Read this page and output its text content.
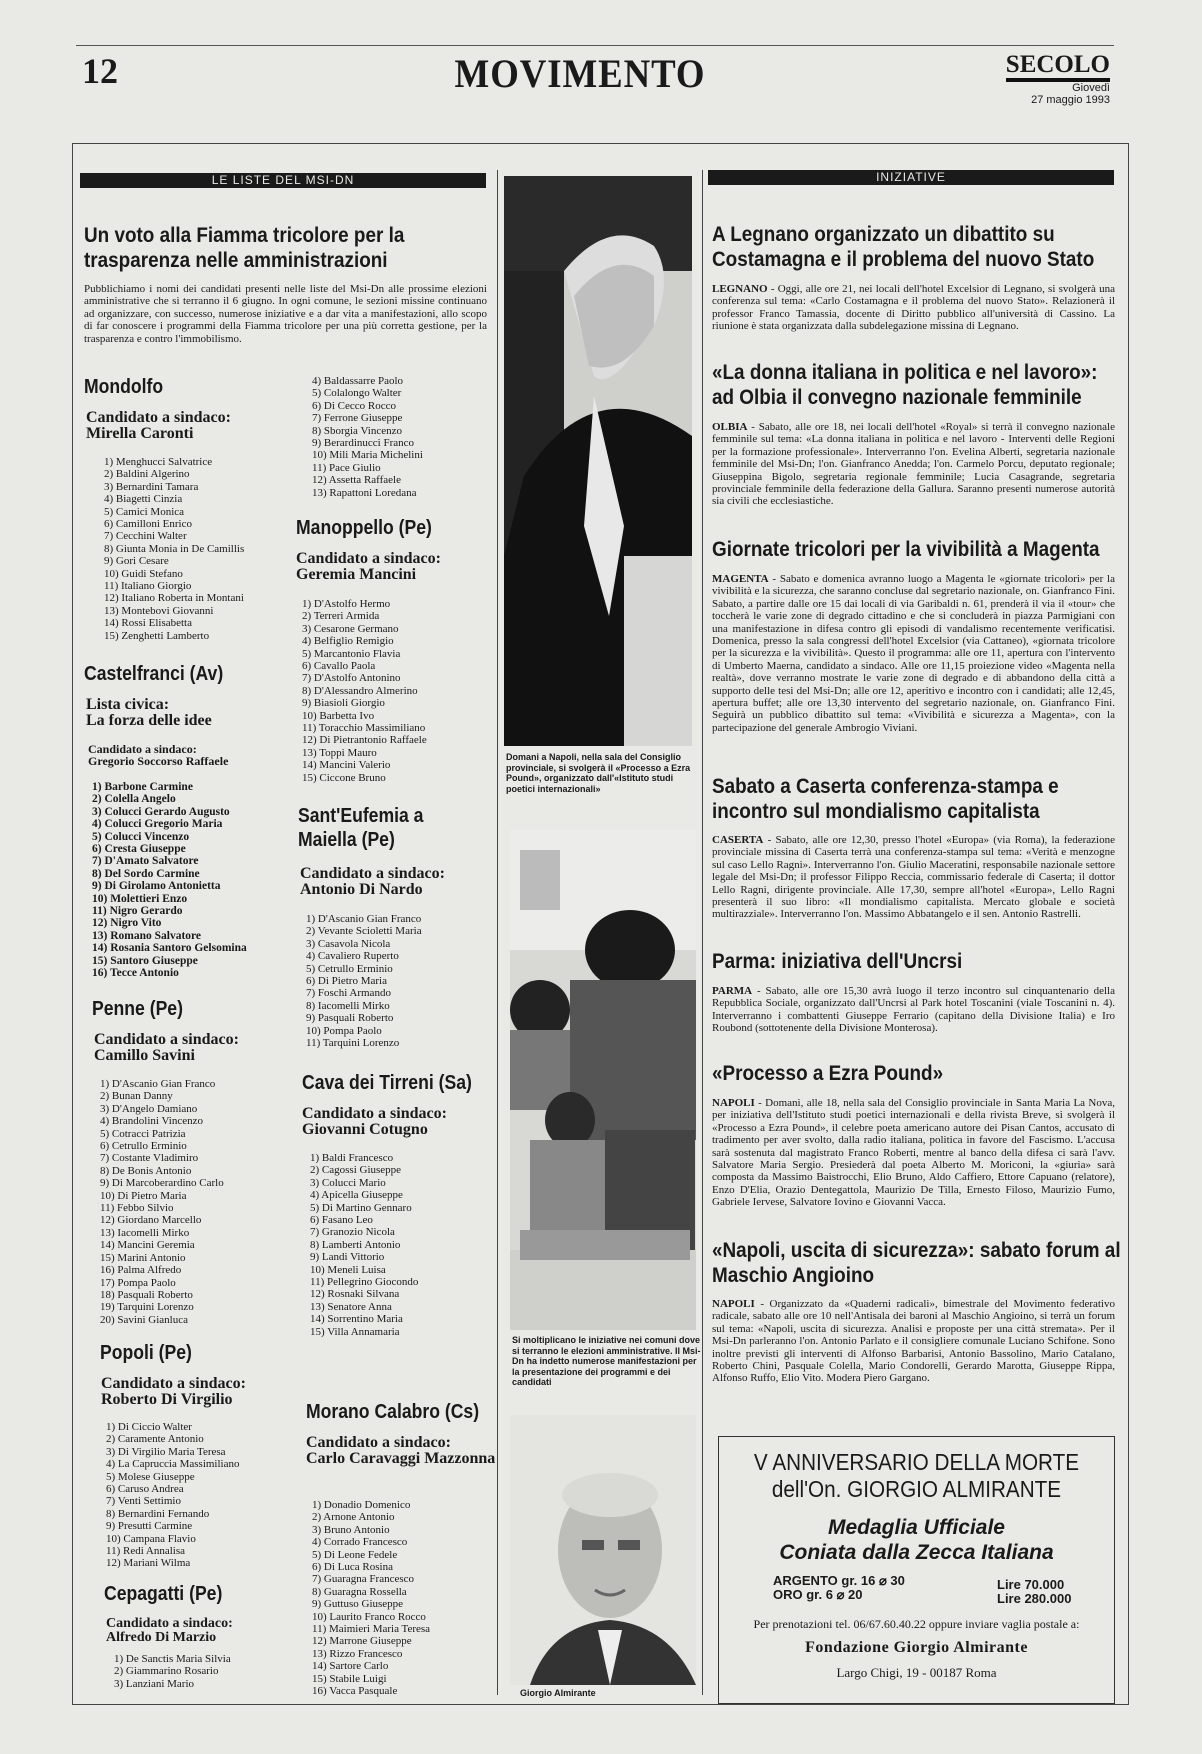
12	MOVIMENTO	SECOLO
Giovedì
27 maggio 1993
LE LISTE DEL MSI-DN
Un voto alla Fiamma tricolore per la trasparenza nelle amministrazioni

Pubblichiamo i nomi dei candidati presenti nelle liste del Msi-Dn alle prossime elezioni amministrative che si terranno il 6 giugno. In ogni comune, le sezioni missine continuano ad organizzare, con successo, numerose iniziative e a dar vita a manifestazioni, allo scopo di far conoscere i programmi della Fiamma tricolore per una più corretta gestione, per la trasparenza e contro l'immobilismo.

Mondolfo
Candidato a sindaco:
Mirella Caronti
1) Menghucci Salvatrice
2) Baldini Algerino
3) Bernardini Tamara
4) Biagetti Cinzia
5) Camici Monica
6) Camilloni Enrico
7) Cecchini Walter
8) Giunta Monia in De Camillis
9) Gori Cesare
10) Guidi Stefano
11) Italiano Giorgio
12) Italiano Roberta in Montani
13) Montebovi Giovanni
14) Rossi Elisabetta
15) Zenghetti Lamberto
Castelfranci (Av)
Lista civica:
La forza delle idee
Candidato a sindaco:
Gregorio Soccorso Raffaele
1) Barbone Carmine
2) Colella Angelo
3) Colucci Gerardo Augusto
4) Colucci Gregorio Maria
5) Colucci Vincenzo
6) Cresta Giuseppe
7) D'Amato Salvatore
8) Del Sordo Carmine
9) Di Girolamo Antonietta
10) Molettieri Enzo
11) Nigro Gerardo
12) Nigro Vito
13) Romano Salvatore
14) Rosania Santoro Gelsomina
15) Santoro Giuseppe
16) Tecce Antonio
Penne (Pe)
Candidato a sindaco:
Camillo Savini
1) D'Ascanio Gian Franco
2) Bunan Danny
3) D'Angelo Damiano
4) Brandolini Vincenzo
5) Cotracci Patrizia
6) Cetrullo Erminio
7) Costante Vladimiro
8) De Bonis Antonio
9) Di Marcoberardino Carlo
10) Di Pietro Maria
11) Febbo Silvio
12) Giordano Marcello
13) Iacomelli Mirko
14) Mancini Geremia
15) Marini Antonio
16) Palma Alfredo
17) Pompa Paolo
18) Pasquali Roberto
19) Tarquini Lorenzo
20) Savini Gianluca
Popoli (Pe)
Candidato a sindaco:
Roberto Di Virgilio
1) Di Ciccio Walter
2) Caramente Antonio
3) Di Virgilio Maria Teresa
4) La Capruccia Massimiliano
5) Molese Giuseppe
6) Caruso Andrea
7) Venti Settimio
8) Bernardini Fernando
9) Presutti Carmine
10) Campana Flavio
11) Redi Annalisa
12) Mariani Wilma
Cepagatti (Pe)
Candidato a sindaco:
Alfredo Di Marzio
1) De Sanctis Maria Silvia
2) Giammarino Rosario
3) Lanziani Mario
4) Baldassarre Paolo
5) Colalongo Walter
6) Di Cecco Rocco
7) Ferrone Giuseppe
8) Sborgia Vincenzo
9) Berardinucci Franco
10) Mili Maria Michelini
11) Pace Giulio
12) Assetta Raffaele
13) Rapattoni Loredana
Manoppello (Pe)
Candidato a sindaco:
Geremia Mancini
1) D'Astolfo Hermo
2) Terreri Armida
3) Cesarone Germano
4) Belfiglio Remigio
5) Marcantonio Flavia
6) Cavallo Paola
7) D'Astolfo Antonino
8) D'Alessandro Almerino
9) Biasioli Giorgio
10) Barbetta Ivo
11) Toracchio Massimiliano
12) Di Pietrantonio Raffaele
13) Toppi Mauro
14) Mancini Valerio
15) Ciccone Bruno
Sant'Eufemia a Maiella (Pe)
Candidato a sindaco:
Antonio Di Nardo
1) D'Ascanio Gian Franco
2) Vevante Scioletti Maria
3) Casavola Nicola
4) Cavaliero Ruperto
5) Cetrullo Erminio
6) Di Pietro Maria
7) Foschi Armando
8) Iacomelli Mirko
9) Pasquali Roberto
10) Pompa Paolo
11) Tarquini Lorenzo
Cava dei Tirreni (Sa)
Candidato a sindaco:
Giovanni Cotugno
1) Baldi Francesco
2) Cagossi Giuseppe
3) Colucci Mario
4) Apicella Giuseppe
5) Di Martino Gennaro
6) Fasano Leo
7) Granozio Nicola
8) Lamberti Antonio
9) Landi Vittorio
10) Meneli Luisa
11) Pellegrino Giocondo
12) Rosnaki Silvana
13) Senatore Anna
14) Sorrentino Maria
15) Villa Annamaria
Morano Calabro (Cs)
Candidato a sindaco:
Carlo Caravaggi Mazzonna
1) Donadio Domenico
2) Arnone Antonio
3) Bruno Antonio
4) Corrado Francesco
5) Di Leone Fedele
6) Di Luca Rosina
7) Guaragna Francesco
8) Guaragna Rossella
9) Guttuso Giuseppe
10) Laurito Franco Rocco
11) Maimieri Maria Teresa
12) Marrone Giuseppe
13) Rizzo Francesco
14) Sartore Carlo
15) Stabile Luigi
16) Vacca Pasquale
Domani a Napoli, nella sala del Consiglio provinciale, si svolgerà il «Processo a Ezra Pound», organizzato dall'«Istituto studi poetici internazionali»
Si moltiplicano le iniziative nei comuni dove si terranno le elezioni amministrative. Il Msi-Dn ha indetto numerose manifestazioni per la presentazione dei programmi e dei candidati
Giorgio Almirante
INIZIATIVE
A Legnano organizzato un dibattito su Costamagna e il problema del nuovo Stato

LEGNANO - Oggi, alle ore 21, nei locali dell'hotel Excelsior di Legnano, si svolgerà una conferenza sul tema: «Carlo Costamagna e il problema del nuovo Stato». Relazionerà il professor Franco Tamassia, docente di Diritto pubblico all'università di Cassino. La riunione è stata organizzata dalla subdelegazione missina di Legnano.

«La donna italiana in politica e nel lavoro»: ad Olbia il convegno nazionale femminile

OLBIA - Sabato, alle ore 18, nei locali dell'hotel «Royal» si terrà il convegno nazionale femminile sul tema: «La donna italiana in politica e nel lavoro - Interventi delle Regioni per la formazione professionale». Interverranno l'on. Evelina Alberti, segretaria nazionale femminile del Msi-Dn; l'on. Gianfranco Anedda; l'on. Carmelo Porcu, deputato regionale; Giuseppina Bigolo, segretaria regionale femminile; Lucia Casagrande, segretaria provinciale femminile della federazione della Gallura. Saranno presenti numerose autorità sia civili che ecclesiastiche.

Giornate tricolori per la vivibilità a Magenta

MAGENTA - Sabato e domenica avranno luogo a Magenta le «giornate tricolori» per la vivibilità e la sicurezza, che saranno concluse dal segretario nazionale, on. Gianfranco Fini. Sabato, a partire dalle ore 15 dai locali di via Garibaldi n. 61, prenderà il via il «tour» che toccherà le varie zone di degrado cittadino e che si concluderà in piazza Parmigiani con una manifestazione in difesa contro gli episodi di vandalismo recentemente verificatisi. Domenica, presso la sala congressi dell'hotel Excelsior (via Cattaneo), «giornata tricolore per la sicurezza e la vivibilità». Questo il programma: alle ore 11, apertura con l'intervento di Umberto Maerna, candidato a sindaco. Alle ore 11,15 proiezione video «Magenta nella realtà», dove verranno mostrate le varie zone di degrado e di abbandono della città a supporto delle tesi del Msi-Dn; alle ore 12, aperitivo e incontro con i candidati; alle 12,45, apertura buffet; alle ore 13,30 intervento del segretario nazionale, on. Gianfranco Fini. Seguirà un pubblico dibattito sul tema: «Vivibilità e sicurezza a Magenta», con la partecipazione del generale Ambrogio Viviani.

Sabato a Caserta conferenza-stampa e incontro sul mondialismo capitalista

CASERTA - Sabato, alle ore 12,30, presso l'hotel «Europa» (via Roma), la federazione provinciale missina di Caserta terrà una conferenza-stampa sul tema: «Verità e menzogne sul caso Lello Ragni». Interverranno l'on. Giulio Maceratini, responsabile nazionale settore legale del Msi-Dn; il professor Filippo Reccia, commissario federale di Caserta; il dottor Lello Ragni, dirigente provinciale. Alle 17,30, sempre all'hotel «Europa», Lello Ragni presenterà il suo libro: «Il mondialismo capitalista. Mercato globale e società multirazziale». Interverranno l'on. Massimo Abbatangelo e il sen. Antonio Rastrelli.

Parma: iniziativa dell'Uncrsi

PARMA - Sabato, alle ore 15,30 avrà luogo il terzo incontro sul cinquantenario della Repubblica Sociale, organizzato dall'Uncrsi al Park hotel Toscanini (viale Toscanini n. 4). Interverranno i combattenti Giuseppe Ferrario (capitano della Divisione Italia) e Iro Roubond (sottotenente della Divisione Monterosa).

«Processo a Ezra Pound»

NAPOLI - Domani, alle 18, nella sala del Consiglio provinciale in Santa Maria La Nova, per iniziativa dell'Istituto studi poetici internazionali e della rivista Breve, si svolgerà il «Processo a Ezra Pound», il celebre poeta americano autore dei Pisan Cantos, accusato di tradimento per aver svolto, dalla radio italiana, politica in favore del Fascismo. L'accusa sarà sostenuta dal magistrato Franco Roberti, mentre al banco della difesa ci sarà l'avv. Salvatore Maria Sergio. Presiederà dal poeta Alberto M. Moriconi, la «giuria» sarà composta da Massimo Baistrocchi, Elio Bruno, Aldo Caffiero, Ettore Capuano (relatore), Enzo D'Elia, Orazio Dentegattola, Maurizio De Tilla, Ernesto Filoso, Maurizio Fumo, Gabriele Iervese, Salvatore Iovino e Giovanni Vacca.

«Napoli, uscita di sicurezza»: sabato forum al Maschio Angioino

NAPOLI - Organizzato da «Quaderni radicali», bimestrale del Movimento federativo radicale, sabato alle ore 10 nell'Antisala dei baroni al Maschio Angioino, si terrà un forum sul tema: «Napoli, uscita di sicurezza. Analisi e proposte per una città stremata». Per il Msi-Dn parleranno l'on. Antonio Parlato e il consigliere comunale Luciano Schifone. Sono inoltre previsti gli interventi di Alfonso Barbarisi, Antonio Bassolino, Mario Catalano, Roberto Chini, Pasquale Colella, Mario Condorelli, Gerardo Marotta, Giuseppe Rippa, Alfonso Ruffo, Elio Vito. Modera Piero Gargano.

V ANNIVERSARIO DELLA MORTE
dell'On. GIORGIO ALMIRANTE
Medaglia Ufficiale
Coniata dalla Zecca Italiana
ARGENTO gr. 16 ⌀ 30
ORO gr. 6 ⌀ 20
Lire 70.000
Lire 280.000
Per prenotazioni tel. 06/67.60.40.22 oppure inviare vaglia postale a:
Fondazione Giorgio Almirante
Largo Chigi, 19 - 00187 Roma
